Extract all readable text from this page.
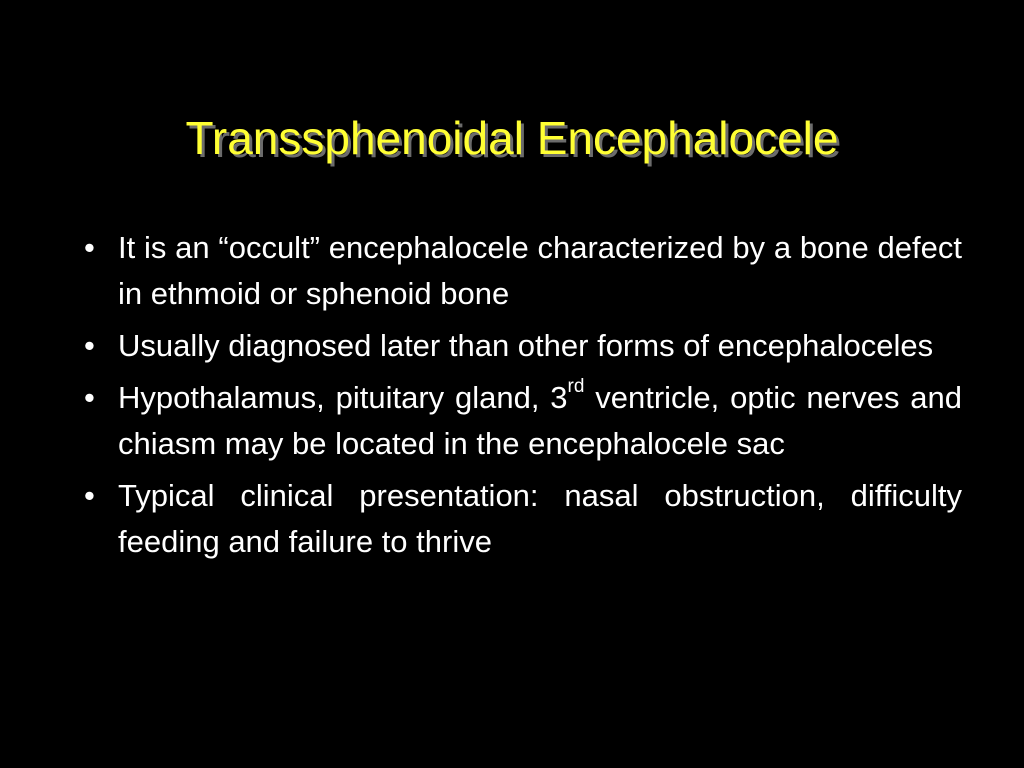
Transsphenoidal Encephalocele
• It is an “occult” encephalocele characterized by a bone defect in ethmoid or sphenoid bone
• Usually diagnosed later than other forms of encephaloceles
• Hypothalamus, pituitary gland, 3rd ventricle, optic nerves and chiasm may be located in the encephalocele sac
• Typical clinical presentation: nasal obstruction, difficulty feeding and failure to thrive
